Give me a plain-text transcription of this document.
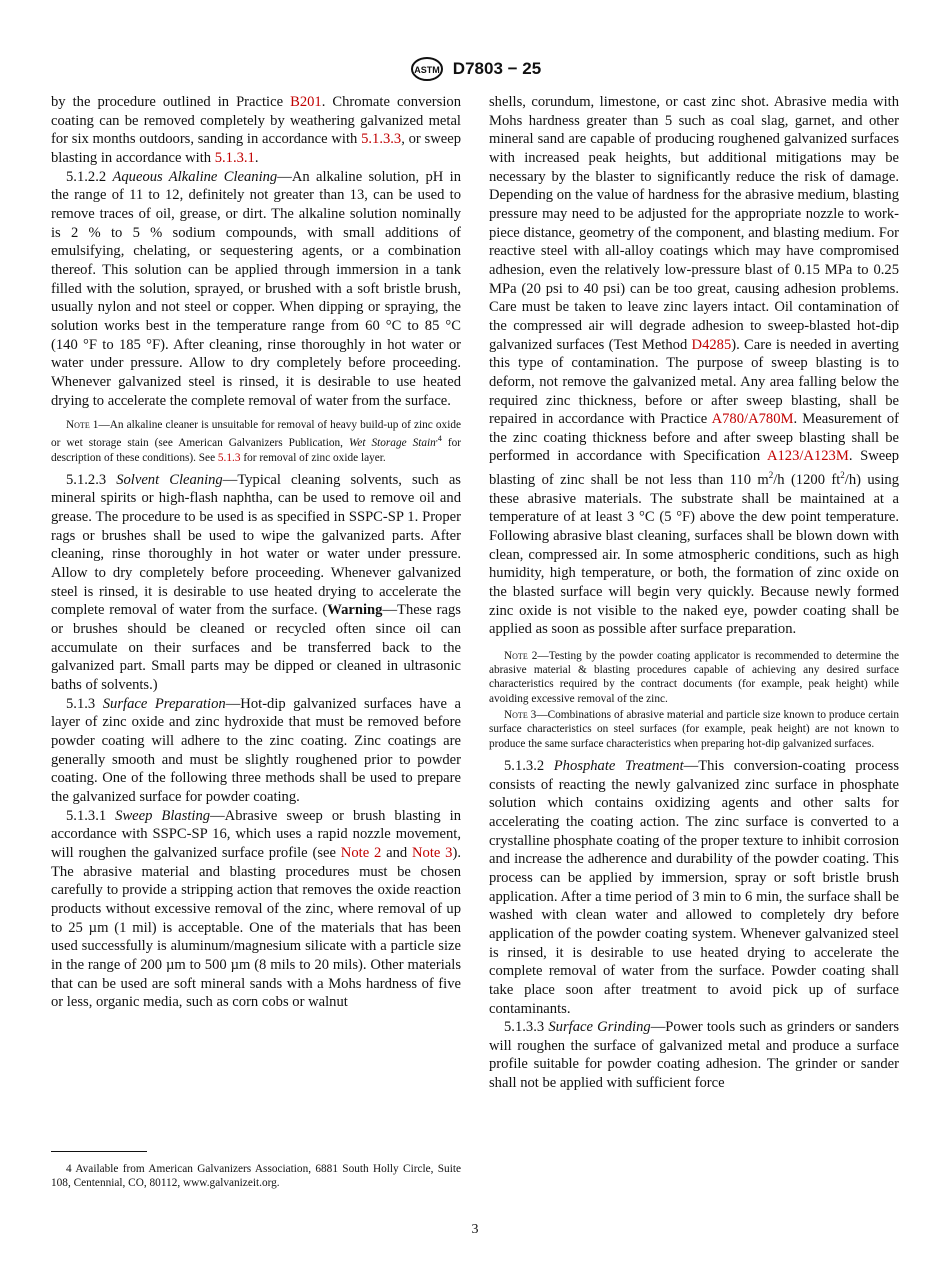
ASTM D7803 − 25

by the procedure outlined in Practice B201. Chromate conversion coating can be removed completely by weathering galvanized metal for six months outdoors, sanding in accordance with 5.1.3.3, or sweep blasting in accordance with 5.1.3.1.

5.1.2.2 Aqueous Alkaline Cleaning—An alkaline solution, pH in the range of 11 to 12, definitely not greater than 13, can be used to remove traces of oil, grease, or dirt. The alkaline solution nominally is 2 % to 5 % sodium compounds, with small additions of emulsifying, chelating, or sequestering agents, or a combination thereof. This solution can be applied through immersion in a tank filled with the solution, sprayed, or brushed with a soft bristle brush, usually nylon and not steel or copper. When dipping or spraying, the solution works best in the temperature range from 60 °C to 85 °C (140 °F to 185 °F). After cleaning, rinse thoroughly in hot water or water under pressure. Allow to dry completely before proceeding. Whenever galvanized steel is rinsed, it is desirable to use heated drying to accelerate the complete removal of water from the surface.

Note 1—An alkaline cleaner is unsuitable for removal of heavy build-up of zinc oxide or wet storage stain (see American Galvanizers Publication, Wet Storage Stain$^{,4}$ for description of these conditions). See 5.1.3 for removal of zinc oxide layer.

5.1.2.3 Solvent Cleaning—Typical cleaning solvents, such as mineral spirits or high-flash naphtha, can be used to remove oil and grease. The procedure to be used is as specified in SSPC-SP 1. Proper rags or brushes shall be used to wipe the galvanized parts. After cleaning, rinse thoroughly in hot water or water under pressure. Allow to dry completely before proceeding. Whenever galvanized steel is rinsed, it is desirable to use heated drying to accelerate the complete removal of water from the surface. (Warning—These rags or brushes should be cleaned or recycled often since oil can accumulate on their surfaces and be transferred back to the galvanized part. Small parts may be dipped or cleaned in ultrasonic baths of solvents.)

5.1.3 Surface Preparation—Hot-dip galvanized surfaces have a layer of zinc oxide and zinc hydroxide that must be removed before powder coating will adhere to the zinc coating. Zinc coatings are generally smooth and must be slightly roughened prior to powder coating. One of the following three methods shall be used to prepare the galvanized surface for powder coating.

5.1.3.1 Sweep Blasting—Abrasive sweep or brush blasting in accordance with SSPC-SP 16, which uses a rapid nozzle movement, will roughen the galvanized surface profile (see Note 2 and Note 3). The abrasive material and blasting procedures must be chosen carefully to provide a stripping action that removes the oxide reaction products without excessive removal of the zinc, where removal of up to 25 µm (1 mil) is acceptable. One of the materials that has been used successfully is aluminum/magnesium silicate with a particle size in the range of 200 µm to 500 µm (8 mils to 20 mils). Other materials that can be used are soft mineral sands with a Mohs hardness of five or less, organic media, such as corn cobs or walnut

4 Available from American Galvanizers Association, 6881 South Holly Circle, Suite 108, Centennial, CO, 80112, www.galvanizeit.org.

shells, corundum, limestone, or cast zinc shot. Abrasive media with Mohs hardness greater than 5 such as coal slag, garnet, and other mineral sand are capable of producing roughened galvanized surfaces with increased peak heights, but additional mitigations may be necessary by the blaster to significantly reduce the risk of damage. Depending on the value of hardness for the abrasive medium, blasting pressure may need to be adjusted for the appropriate nozzle to work-piece distance, geometry of the component, and blasting medium. For reactive steel with all-alloy coatings which may have compromised adhesion, even the relatively low-pressure blast of 0.15 MPa to 0.25 MPa (20 psi to 40 psi) can be too great, causing adhesion problems. Care must be taken to leave zinc layers intact. Oil contamination of the compressed air will degrade adhesion to sweep-blasted hot-dip galvanized surfaces (Test Method D4285). Care is needed in averting this type of contamination. The purpose of sweep blasting is to deform, not remove the galvanized metal. Any area falling below the required zinc thickness, before or after sweep blasting, shall be repaired in accordance with Practice A780/A780M. Measurement of the zinc coating thickness before and after sweep blasting shall be performed in accordance with Specification A123/A123M. Sweep blasting of zinc shall be not less than 110 $m^2/h$ (1200 $ft^2/h$) using these abrasive materials. The substrate shall be maintained at a temperature of at least 3 °C (5 °F) above the dew point temperature. Following abrasive blast cleaning, surfaces shall be blown down with clean, compressed air. In some atmospheric conditions, such as high humidity, high temperature, or both, the formation of zinc oxide on the blasted surface will begin very quickly. Because newly formed zinc oxide is not visible to the naked eye, powder coating shall be applied as soon as possible after surface preparation.

Note 2—Testing by the powder coating applicator is recommended to determine the abrasive material & blasting procedures capable of achieving any desired surface characteristics required by the contract documents (for example, peak height) while avoiding excessive removal of the zinc.

Note 3—Combinations of abrasive material and particle size known to produce certain surface characteristics on steel surfaces (for example, peak height) are not known to produce the same surface characteristics when preparing hot-dip galvanized surfaces.

5.1.3.2 Phosphate Treatment—This conversion-coating process consists of reacting the newly galvanized zinc surface in phosphate solution which contains oxidizing agents and other salts for accelerating the coating action. The zinc surface is converted to a crystalline phosphate coating of the proper texture to inhibit corrosion and increase the adherence and durability of the powder coating. This process can be applied by immersion, spray or soft bristle brush application. After a time period of 3 min to 6 min, the surface shall be washed with clean water and allowed to completely dry before application of the powder coating system. Whenever galvanized steel is rinsed, it is desirable to use heated drying to accelerate the complete removal of water from the surface. Powder coating shall take place soon after treatment to avoid pick up of surface contaminants.

5.1.3.3 Surface Grinding—Power tools such as grinders or sanders will roughen the surface of galvanized metal and produce a surface profile suitable for powder coating adhesion. The grinder or sander shall not be applied with sufficient force

3
